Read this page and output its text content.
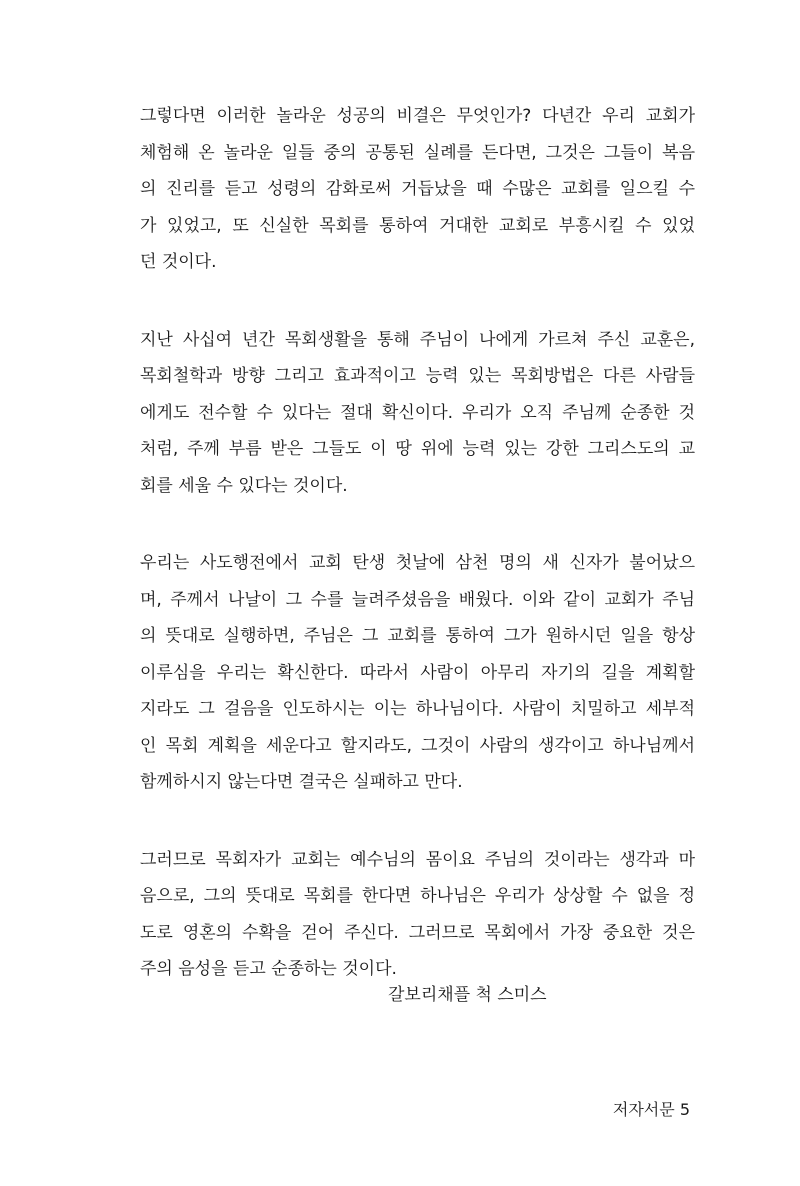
그렇다면 이러한 놀라운 성공의 비결은 무엇인가? 다년간 우리 교회가
체험해 온 놀라운 일들 중의 공통된 실례를 든다면, 그것은 그들이 복음
의 진리를 듣고 성령의 감화로써 거듭났을 때 수많은 교회를 일으킬 수
가 있었고, 또 신실한 목회를 통하여 거대한 교회로 부흥시킬 수 있었
던 것이다.

지난 사십여 년간 목회생활을 통해 주님이 나에게 가르쳐 주신 교훈은,
목회철학과 방향 그리고 효과적이고 능력 있는 목회방법은 다른 사람들
에게도 전수할 수 있다는 절대 확신이다. 우리가 오직 주님께 순종한 것
처럼, 주께 부름 받은 그들도 이 땅 위에 능력 있는 강한 그리스도의 교
회를 세울 수 있다는 것이다.

우리는 사도행전에서 교회 탄생 첫날에 삼천 명의 새 신자가 불어났으
며, 주께서 나날이 그 수를 늘려주셨음을 배웠다. 이와 같이 교회가 주님
의 뜻대로 실행하면, 주님은 그 교회를 통하여 그가 원하시던 일을 항상
이루심을 우리는 확신한다. 따라서 사람이 아무리 자기의 길을 계획할
지라도 그 걸음을 인도하시는 이는 하나님이다. 사람이 치밀하고 세부적
인 목회 계획을 세운다고 할지라도, 그것이 사람의 생각이고 하나님께서
함께하시지 않는다면 결국은 실패하고 만다.

그러므로 목회자가 교회는 예수님의 몸이요 주님의 것이라는 생각과 마
음으로, 그의 뜻대로 목회를 한다면 하나님은 우리가 상상할 수 없을 정
도로 영혼의 수확을 걷어 주신다. 그러므로 목회에서 가장 중요한 것은
주의 음성을 듣고 순종하는 것이다.

갈보리채플 척 스미스
저자서문 5
